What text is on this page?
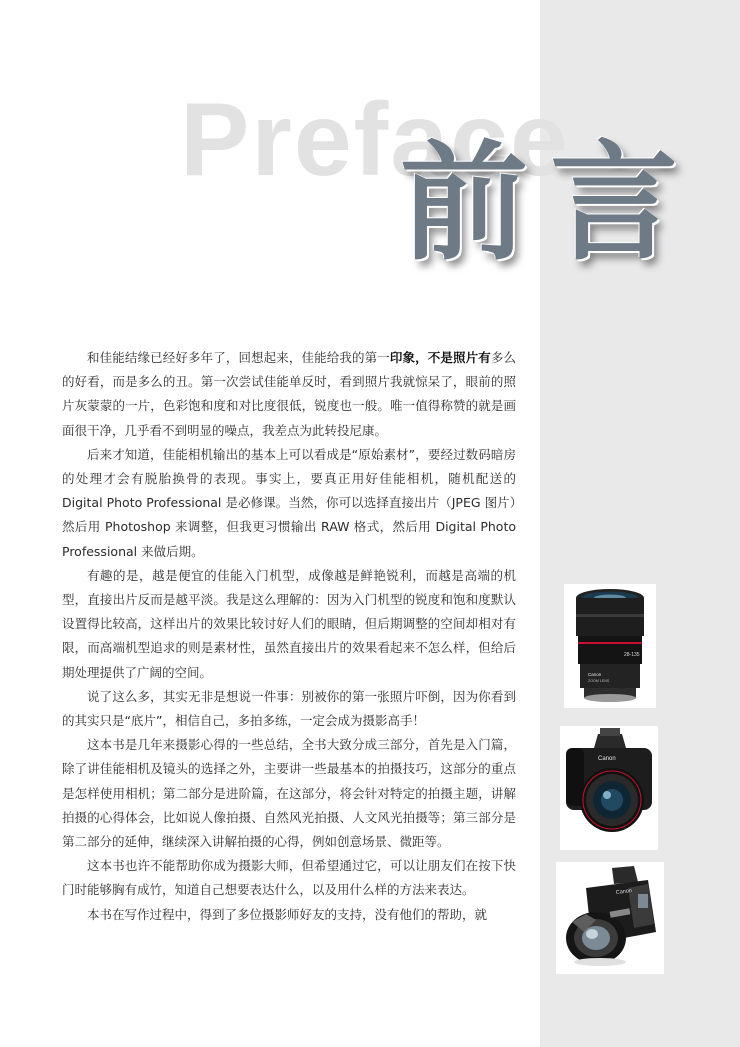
Preface
前言

和佳能结缘已经好多年了，回想起来，佳能给我的第一印象，不是照片有多么的好看，而是多么的丑。第一次尝试佳能单反时，看到照片我就惊呆了，眼前的照片灰蒙蒙的一片，色彩饱和度和对比度很低，锐度也一般。唯一值得称赞的就是画面很干净，几乎看不到明显的噪点，我差点为此转投尼康。

后来才知道，佳能相机输出的基本上可以看成是“原始素材”，要经过数码暗房的处理才会有脱胎换骨的表现。事实上，要真正用好佳能相机，随机配送的 Digital Photo Professional 是必修课。当然，你可以选择直接出片（JPEG 图片）然后用 Photoshop 来调整，但我更习惯输出 RAW 格式，然后用 Digital Photo Professional 来做后期。

有趣的是，越是便宜的佳能入门机型，成像越是鲜艳锐利，而越是高端的机型，直接出片反而是越平淡。我是这么理解的：因为入门机型的锐度和饱和度默认设置得比较高，这样出片的效果比较讨好人们的眼睛，但后期调整的空间却相对有限，而高端机型追求的则是素材性，虽然直接出片的效果看起来不怎么样，但给后期处理提供了广阔的空间。

说了这么多，其实无非是想说一件事：别被你的第一张照片吓倒，因为你看到的其实只是“底片”，相信自己，多拍多练，一定会成为摄影高手！

这本书是几年来摄影心得的一些总结，全书大致分成三部分，首先是入门篇，除了讲佳能相机及镜头的选择之外，主要讲一些最基本的拍摄技巧，这部分的重点是怎样使用相机；第二部分是进阶篇，在这部分，将会针对特定的拍摄主题，讲解拍摄的心得体会，比如说人像拍摄、自然风光拍摄、人文风光拍摄等；第三部分是第二部分的延伸，继续深入讲解拍摄的心得，例如创意场景、微距等。

这本书也许不能帮助你成为摄影大师，但希望通过它，可以让朋友们在按下快门时能够胸有成竹，知道自己想要表达什么，以及用什么样的方法来表达。

本书在写作过程中，得到了多位摄影师好友的支持，没有他们的帮助，就

28-135
Canon
ZOOM LENS
Canon
Canon
